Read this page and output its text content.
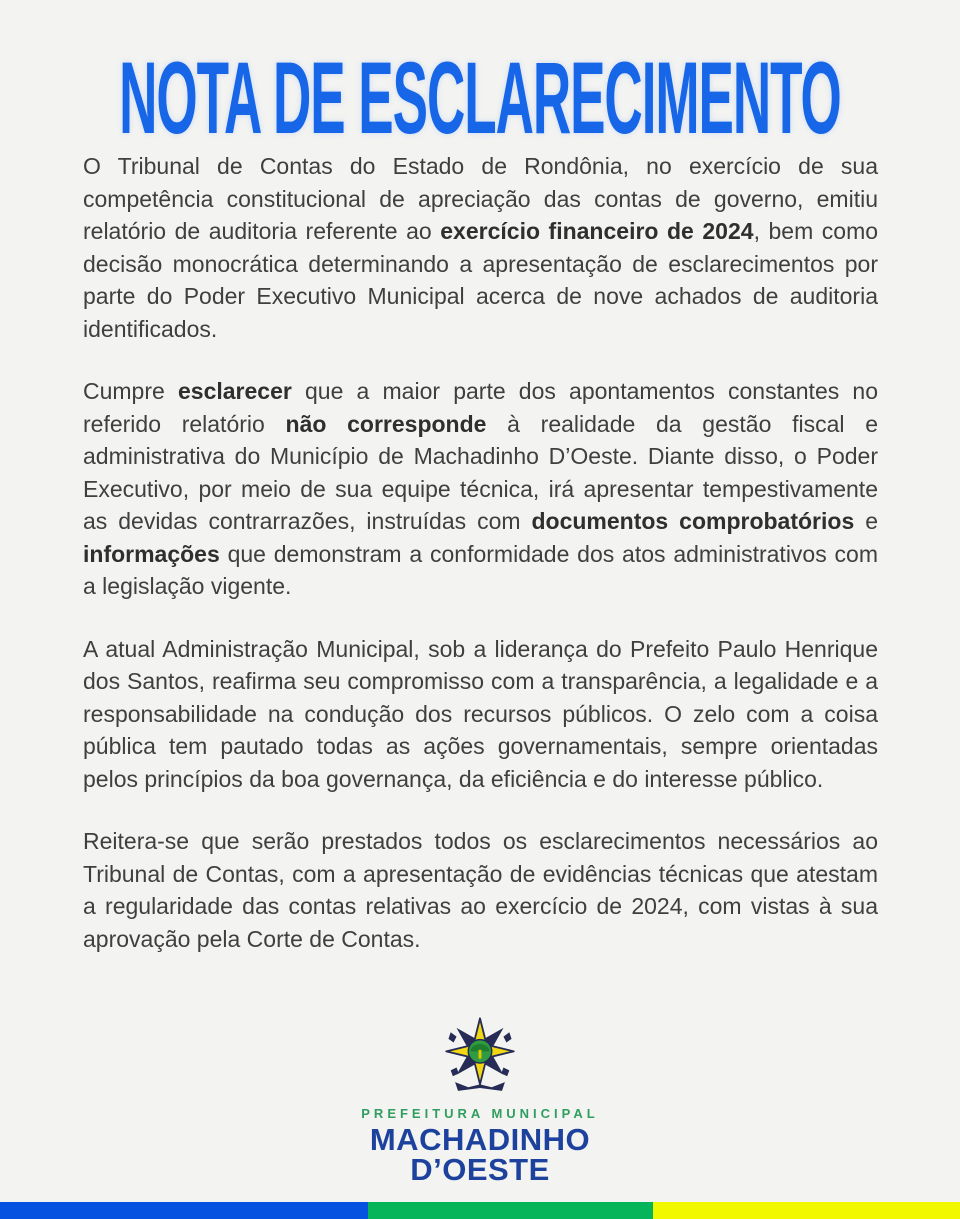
NOTA DE ESCLARECIMENTO

O Tribunal de Contas do Estado de Rondônia, no exercício de sua competência constitucional de apreciação das contas de governo, emitiu relatório de auditoria referente ao exercício financeiro de 2024, bem como decisão monocrática determinando a apresentação de esclarecimentos por parte do Poder Executivo Municipal acerca de nove achados de auditoria identificados.

Cumpre esclarecer que a maior parte dos apontamentos constantes no referido relatório não corresponde à realidade da gestão fiscal e administrativa do Município de Machadinho D’Oeste. Diante disso, o Poder Executivo, por meio de sua equipe técnica, irá apresentar tempestivamente as devidas contrarrazões, instruídas com documentos comprobatórios e informações que demonstram a conformidade dos atos administrativos com a legislação vigente.

A atual Administração Municipal, sob a liderança do Prefeito Paulo Henrique dos Santos, reafirma seu compromisso com a transparência, a legalidade e a responsabilidade na condução dos recursos públicos. O zelo com a coisa pública tem pautado todas as ações governamentais, sempre orientadas pelos princípios da boa governança, da eficiência e do interesse público.

Reitera-se que serão prestados todos os esclarecimentos necessários ao Tribunal de Contas, com a apresentação de evidências técnicas que atestam a regularidade das contas relativas ao exercício de 2024, com vistas à sua aprovação pela Corte de Contas.

PREFEITURA MUNICIPAL
MACHADINHO
D’OESTE
